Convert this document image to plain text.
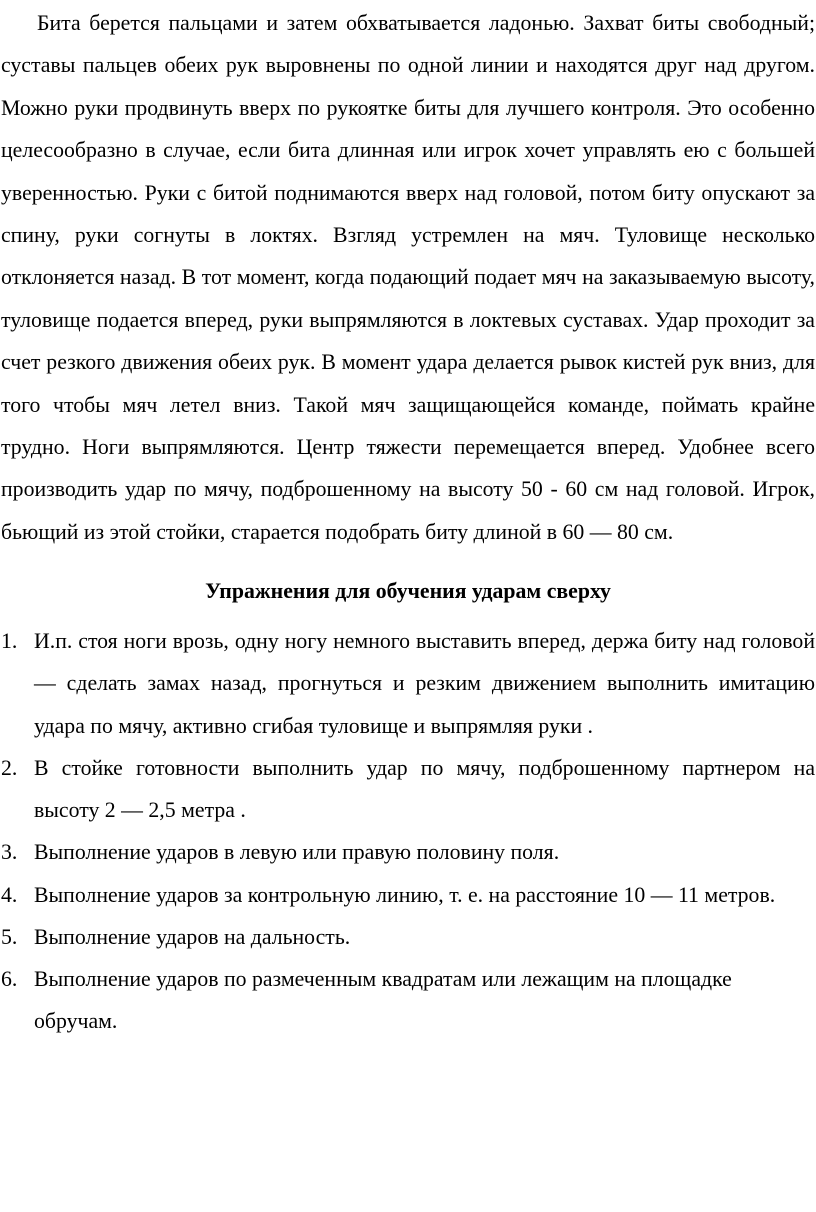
Бита берется пальцами и затем обхватывается ладонью. Захват биты свободный; суставы пальцев обеих рук выровнены по одной линии и находятся друг над другом. Можно руки продвинуть вверх по рукоятке биты для лучшего контроля. Это особенно целесообразно в случае, если бита длинная или игрок хочет управлять ею с большей уверенностью. Руки с битой поднимаются вверх над головой, потом биту опускают за спину, руки согнуты в локтях. Взгляд устремлен на мяч. Туловище несколько отклоняется назад. В тот момент, когда подающий подает мяч на заказываемую высоту, туловище подается вперед, руки выпрямляются в локтевых суставах. Удар проходит за счет резкого движения обеих рук. В момент удара делается рывок кистей рук вниз, для того чтобы мяч летел вниз. Такой мяч защищающейся команде, поймать крайне трудно. Ноги выпрямляются. Центр тяжести перемещается вперед. Удобнее всего производить удар по мячу, подброшенному на высоту 50 - 60 см над головой. Игрок, бьющий из этой стойки, старается подобрать биту длиной в 60 — 80 см.

Упражнения для обучения ударам сверху
1. И.п. стоя ноги врозь, одну ногу немного выставить вперед, держа биту над головой — сделать замах назад, прогнуться и резким движением выполнить имитацию удара по мячу, активно сгибая туловище и выпрямляя руки .
2. В стойке готовности выполнить удар по мячу, подброшенному партнером на высоту 2 — 2,5 метра .
3. Выполнение ударов в левую или правую половину поля.
4. Выполнение ударов за контрольную линию, т. е. на расстояние 10 — 11 метров.
5. Выполнение ударов на дальность.
6. Выполнение ударов по размеченным квадратам или лежащим на площадке обручам.
